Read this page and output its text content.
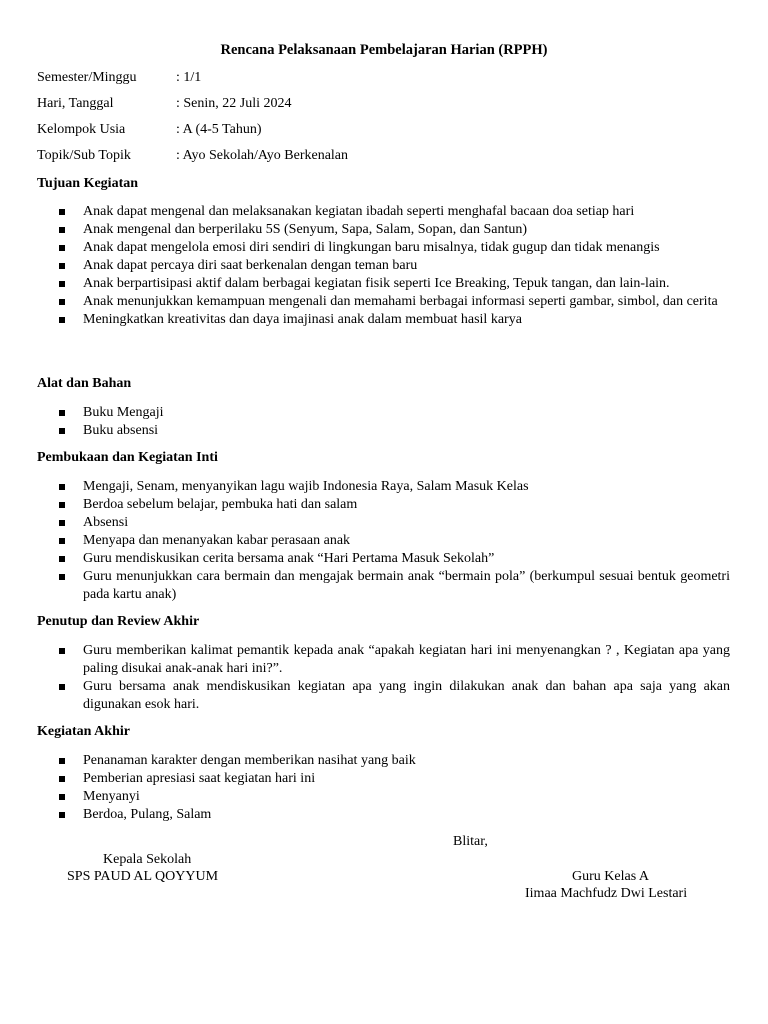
Rencana Pelaksanaan Pembelajaran Harian (RPPH)
Semester/Minggu	: 1/1
Hari, Tanggal	: Senin, 22 Juli 2024
Kelompok Usia	: A (4-5 Tahun)
Topik/Sub Topik	: Ayo Sekolah/Ayo Berkenalan
Tujuan Kegiatan
Anak dapat mengenal dan melaksanakan kegiatan ibadah seperti menghafal bacaan doa setiap hari
Anak mengenal dan berperilaku 5S (Senyum, Sapa, Salam, Sopan, dan Santun)
Anak dapat mengelola emosi diri sendiri di lingkungan baru misalnya, tidak gugup dan tidak menangis
Anak dapat percaya diri saat berkenalan dengan teman baru
Anak berpartisipasi aktif dalam berbagai kegiatan fisik seperti Ice Breaking, Tepuk tangan, dan lain-lain.
Anak menunjukkan kemampuan mengenali dan memahami berbagai informasi seperti gambar, simbol, dan cerita
Meningkatkan kreativitas dan daya imajinasi anak dalam membuat hasil karya
Alat dan Bahan
Buku Mengaji
Buku absensi
Pembukaan dan Kegiatan Inti
Mengaji, Senam, menyanyikan lagu wajib Indonesia Raya, Salam Masuk Kelas
Berdoa sebelum belajar, pembuka hati dan salam
Absensi
Menyapa dan menanyakan kabar perasaan anak
Guru mendiskusikan cerita bersama anak “Hari Pertama Masuk Sekolah”
Guru menunjukkan cara bermain dan mengajak bermain anak “bermain pola” (berkumpul sesuai bentuk geometri pada kartu anak)
Penutup dan Review Akhir
Guru memberikan kalimat pemantik kepada anak “apakah kegiatan hari ini menyenangkan ? , Kegiatan apa yang paling disukai anak-anak hari ini?”.
Guru bersama anak mendiskusikan kegiatan apa yang ingin dilakukan anak dan bahan apa saja yang akan digunakan esok hari.
Kegiatan Akhir
Penanaman karakter dengan memberikan nasihat yang baik
Pemberian apresiasi saat kegiatan hari ini
Menyanyi
Berdoa, Pulang, Salam
Blitar,
Kepala Sekolah
SPS PAUD AL QOYYUM	Guru Kelas A
Iimaa Machfudz Dwi Lestari
